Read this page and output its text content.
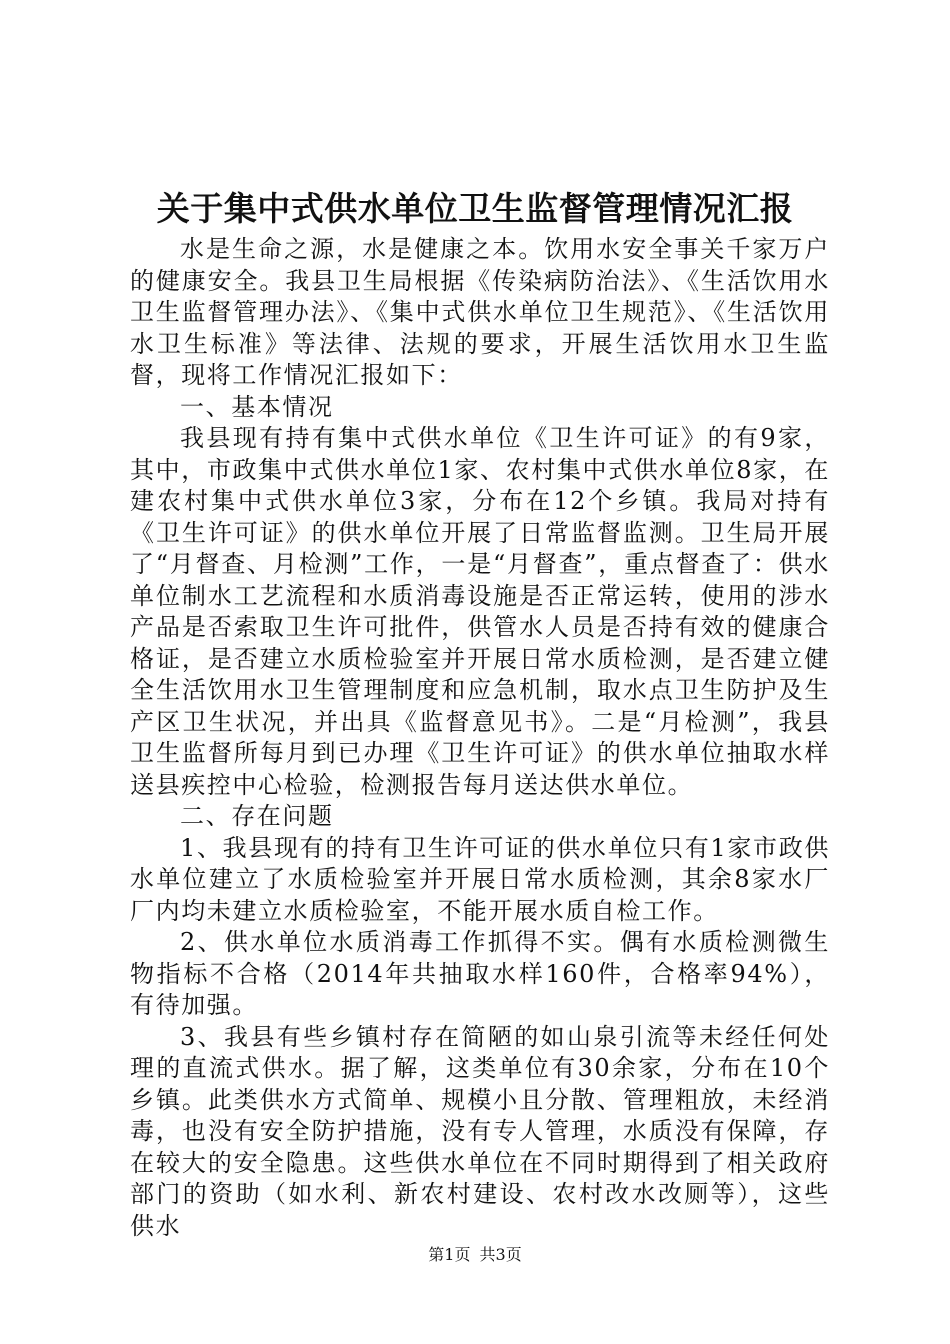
关于集中式供水单位卫生监督管理情况汇报

水是生命之源，水是健康之本。饮用水安全事关千家万户的健康安全。我县卫生局根据《传染病防治法》、《生活饮用水卫生监督管理办法》、《集中式供水单位卫生规范》、《生活饮用水卫生标准》等法律、法规的要求，开展生活饮用水卫生监督，现将工作情况汇报如下：

一、基本情况

我县现有持有集中式供水单位《卫生许可证》的有9家，其中，市政集中式供水单位1家、农村集中式供水单位8家，在建农村集中式供水单位3家，分布在12个乡镇。我局对持有《卫生许可证》的供水单位开展了日常监督监测。卫生局开展了“月督查、月检测”工作，一是“月督查”，重点督查了：供水单位制水工艺流程和水质消毒设施是否正常运转，使用的涉水产品是否索取卫生许可批件，供管水人员是否持有效的健康合格证，是否建立水质检验室并开展日常水质检测，是否建立健全生活饮用水卫生管理制度和应急机制，取水点卫生防护及生产区卫生状况，并出具《监督意见书》。二是“月检测”，我县卫生监督所每月到已办理《卫生许可证》的供水单位抽取水样送县疾控中心检验，检测报告每月送达供水单位。

二、存在问题

1、我县现有的持有卫生许可证的供水单位只有1家市政供水单位建立了水质检验室并开展日常水质检测，其余8家水厂厂内均未建立水质检验室，不能开展水质自检工作。

2、供水单位水质消毒工作抓得不实。偶有水质检测微生物指标不合格（2014年共抽取水样160件，合格率94%），有待加强。

3、我县有些乡镇村存在简陋的如山泉引流等未经任何处理的直流式供水。据了解，这类单位有30余家，分布在10个乡镇。此类供水方式简单、规模小且分散、管理粗放，未经消毒，也没有安全防护措施，没有专人管理，水质没有保障，存在较大的安全隐患。这些供水单位在不同时期得到了相关政府部门的资助（如水利、新农村建设、农村改水改厕等），这些供水

第1页 共3页
